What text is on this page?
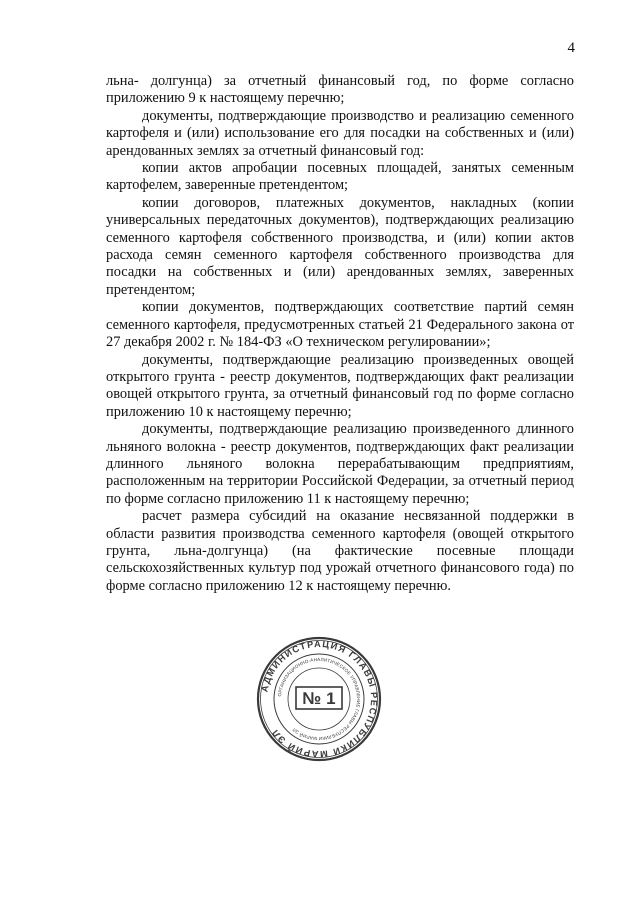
4

льна- долгунца) за отчетный финансовый год, по форме согласно приложению 9 к настоящему перечню;

документы, подтверждающие производство и реализацию семенного картофеля и (или) использование его для посадки на собственных и (или) арендованных землях за отчетный финансовый год:

копии актов апробации посевных площадей, занятых семенным картофелем, заверенные претендентом;

копии договоров, платежных документов, накладных (копии универсальных передаточных документов), подтверждающих реализацию семенного картофеля собственного производства, и (или) копии актов расхода семян семенного картофеля собственного производства для посадки на собственных и (или) арендованных землях, заверенных претендентом;

копии документов, подтверждающих соответствие партий семян семенного картофеля, предусмотренных статьей 21 Федерального закона от 27 декабря 2002 г. № 184-ФЗ «О техническом регулировании»;

документы, подтверждающие реализацию произведенных овощей открытого грунта - реестр документов, подтверждающих факт реализации овощей открытого грунта, за отчетный финансовый год по форме согласно приложению 10 к настоящему перечню;

документы, подтверждающие реализацию произведенного длинного льняного волокна - реестр документов, подтверждающих факт реализации длинного льняного волокна перерабатывающим предприятиям, расположенным на территории Российской Федерации, за отчетный период по форме согласно приложению 11 к настоящему перечню;

расчет размера субсидий на оказание несвязанной поддержки в области развития производства семенного картофеля (овощей открытого грунта, льна-долгунца) (на фактические посевные площади сельскохозяйственных культур под урожай отчетного финансового года) по форме согласно приложению 12 к настоящему перечню.

АДМИНИСТРАЦИЯ ГЛАВЫ РЕСПУБЛИКИ МАРИЙ ЭЛ
ОРГАНИЗАЦИОННО-АНАЛИТИЧЕСКОЕ УПРАВЛЕНИЕ ГЛАВЫ РЕСПУБЛИКИ МАРИЙ ЭЛ
№ 1
